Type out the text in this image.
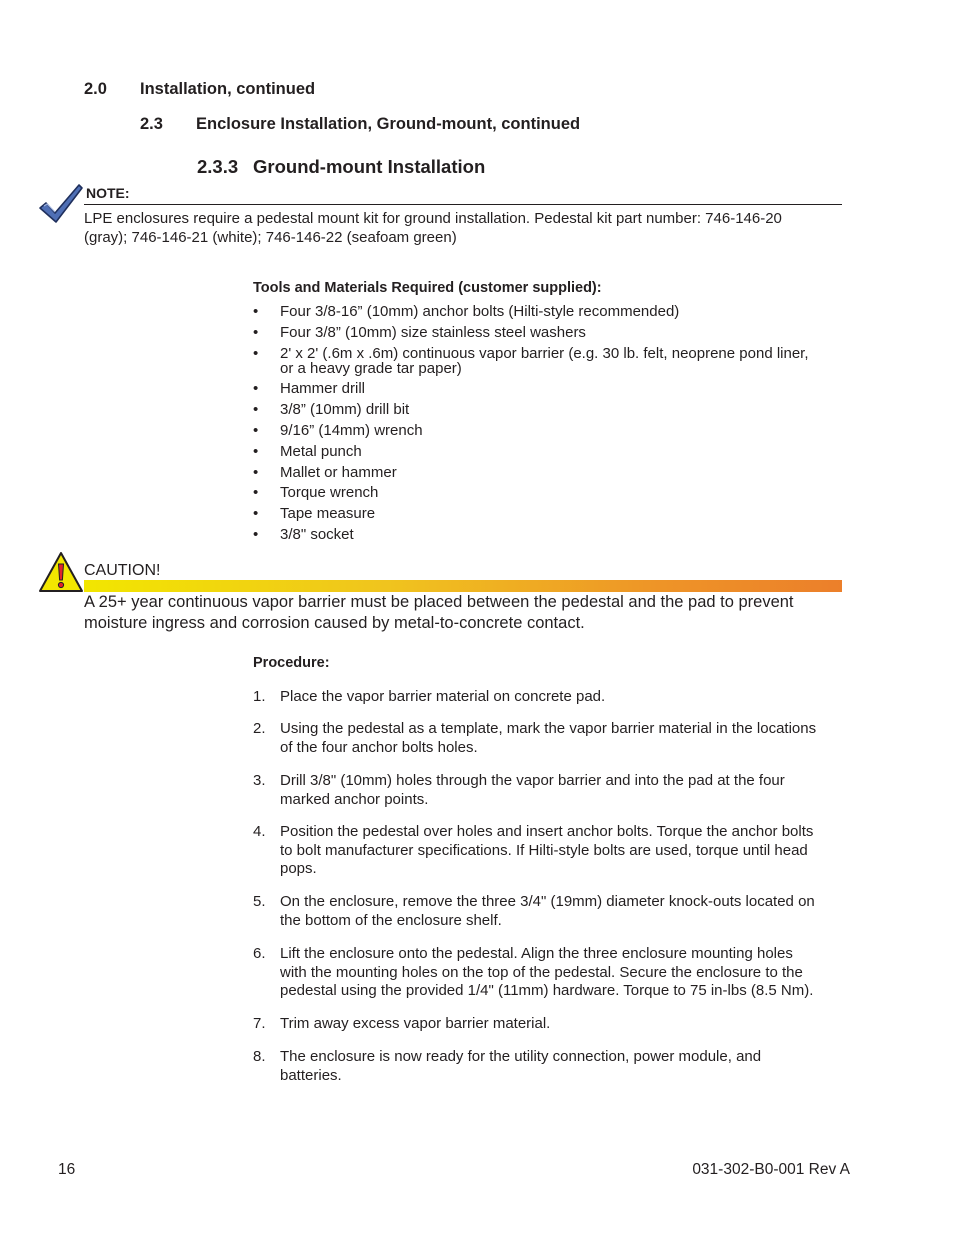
2.0 Installation, continued
2.3 Enclosure Installation, Ground-mount, continued
2.3.3 Ground-mount Installation
NOTE:
LPE enclosures require a pedestal mount kit for ground installation. Pedestal kit part number: 746-146-20
(gray); 746-146-21 (white); 746-146-22 (seafoam green)
Tools and Materials Required (customer supplied):
• Four 3/8-16” (10mm) anchor bolts (Hilti-style recommended)
• Four 3/8” (10mm) size stainless steel washers
• 2' x 2' (.6m x .6m) continuous vapor barrier (e.g. 30 lb. felt, neoprene pond liner,
or a heavy grade tar paper)
• Hammer drill
• 3/8” (10mm) drill bit
• 9/16” (14mm) wrench
• Metal punch
• Mallet or hammer
• Torque wrench
• Tape measure
• 3/8" socket
CAUTION!
A 25+ year continuous vapor barrier must be placed between the pedestal and the pad to prevent
moisture ingress and corrosion caused by metal-to-concrete contact.
Procedure:
1. Place the vapor barrier material on concrete pad.
2. Using the pedestal as a template, mark the vapor barrier material in the locations
of the four anchor bolts holes.
3. Drill 3/8" (10mm) holes through the vapor barrier and into the pad at the four
marked anchor points.
4. Position the pedestal over holes and insert anchor bolts. Torque the anchor bolts
to bolt manufacturer specifications. If Hilti-style bolts are used, torque until head
pops.
5. On the enclosure, remove the three 3/4" (19mm) diameter knock-outs located on
the bottom of the enclosure shelf.
6. Lift the enclosure onto the pedestal. Align the three enclosure mounting holes
with the mounting holes on the top of the pedestal. Secure the enclosure to the
pedestal using the provided 1/4" (11mm) hardware. Torque to 75 in-lbs (8.5 Nm).
7. Trim away excess vapor barrier material.
8. The enclosure is now ready for the utility connection, power module, and
batteries.
16	031-302-B0-001 Rev A
